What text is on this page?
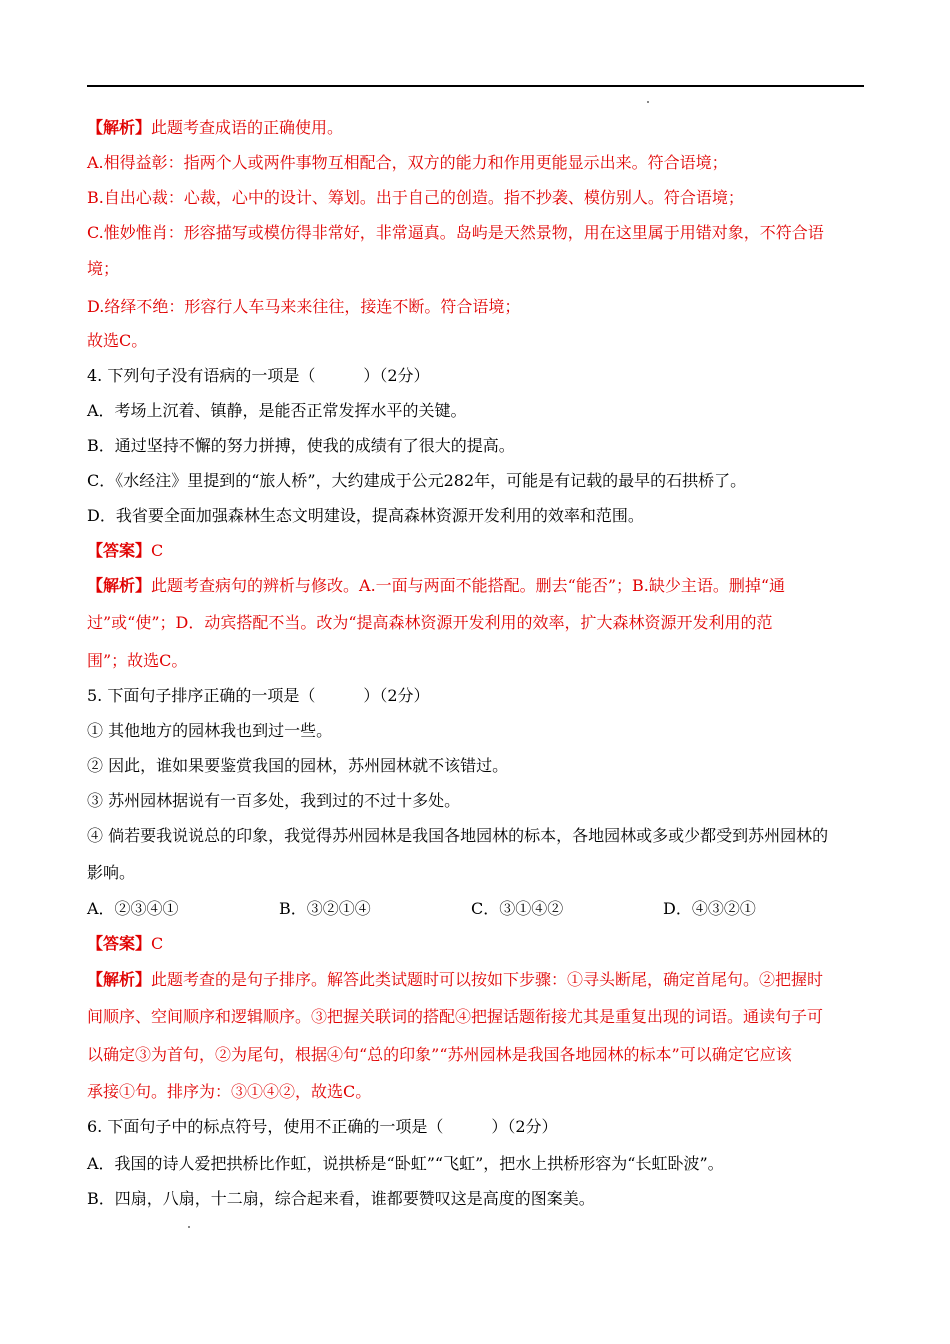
【解析】此题考查成语的正确使用。
A.相得益彰：指两个人或两件事物互相配合，双方的能力和作用更能显示出来。符合语境；
B.自出心裁：心裁，心中的设计、筹划。出于自己的创造。指不抄袭、模仿别人。符合语境；
C.惟妙惟肖：形容描写或模仿得非常好，非常逼真。岛屿是天然景物，用在这里属于用错对象，不符合语
境；
D.络绎不绝：形容行人车马来来往往，接连不断。符合语境；
故选C。
4. 下列句子没有语病的一项是（　　　）（2分）
A．考场上沉着、镇静，是能否正常发挥水平的关键。
B．通过坚持不懈的努力拼搏，使我的成绩有了很大的提高。
C．《水经注》里提到的“旅人桥”，大约建成于公元282年，可能是有记载的最早的石拱桥了。
D．我省要全面加强森林生态文明建设，提高森林资源开发利用的效率和范围。
【答案】C
【解析】此题考查病句的辨析与修改。A.一面与两面不能搭配。删去“能否”；B.缺少主语。删掉“通
过”或“使”；D．动宾搭配不当。改为“提高森林资源开发利用的效率，扩大森林资源开发利用的范
围”；故选C。
5. 下面句子排序正确的一项是（　　　）（2分）
① 其他地方的园林我也到过一些。
② 因此，谁如果要鉴赏我国的园林，苏州园林就不该错过。
③ 苏州园林据说有一百多处，我到过的不过十多处。
④ 倘若要我说说总的印象，我觉得苏州园林是我国各地园林的标本，各地园林或多或少都受到苏州园林的
影响。
A．②③④①	B．③②①④	C．③①④②	D．④③②①
【答案】C
【解析】此题考查的是句子排序。解答此类试题时可以按如下步骤：①寻头断尾，确定首尾句。②把握时
间顺序、空间顺序和逻辑顺序。③把握关联词的搭配④把握话题衔接尤其是重复出现的词语。通读句子可
以确定③为首句，②为尾句，根据④句“总的印象”“苏州园林是我国各地园林的标本”可以确定它应该
承接①句。排序为：③①④②，故选C。
6. 下面句子中的标点符号，使用不正确的一项是（　　　）（2分）
A．我国的诗人爱把拱桥比作虹，说拱桥是“卧虹”“飞虹”，把水上拱桥形容为“长虹卧波”。
B．四扇，八扇，十二扇，综合起来看，谁都要赞叹这是高度的图案美。
